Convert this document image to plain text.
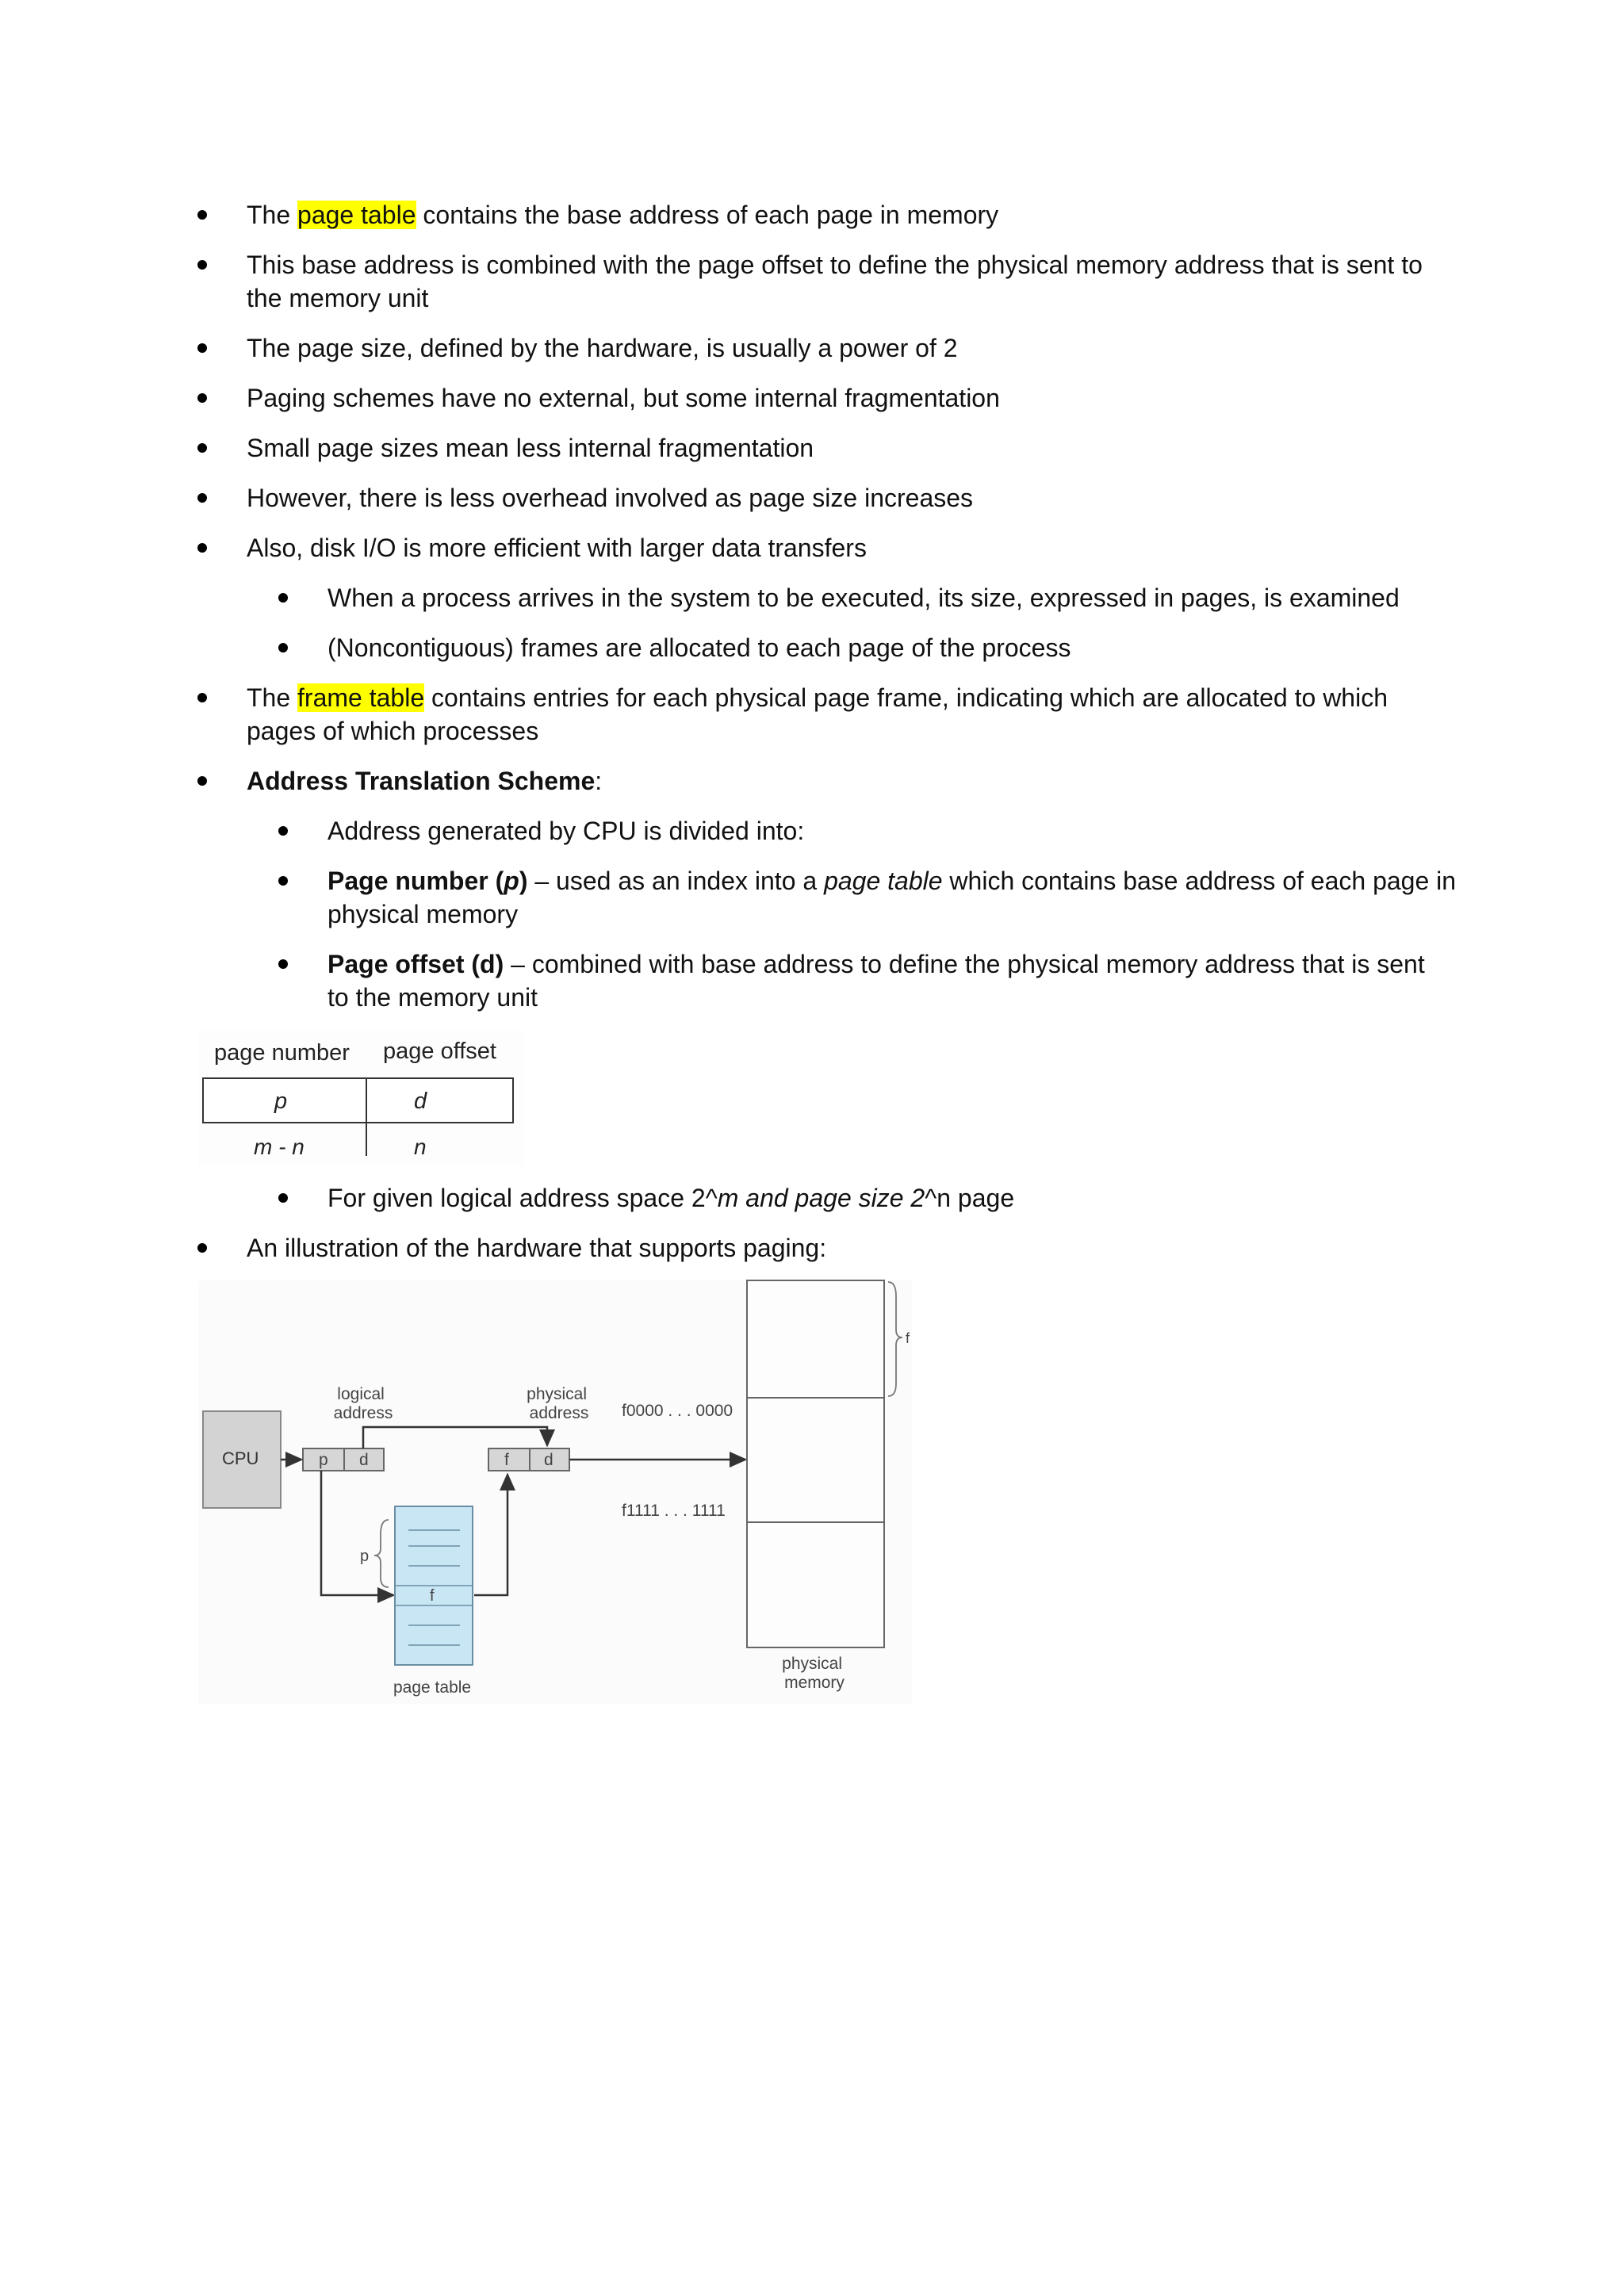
The page table contains the base address of each page in memory
This base address is combined with the page offset to define the physical memory address that is sent to
the memory unit
The page size, defined by the hardware, is usually a power of 2
Paging schemes have no external, but some internal fragmentation
Small page sizes mean less internal fragmentation
However, there is less overhead involved as page size increases
Also, disk I/O is more efficient with larger data transfers
When a process arrives in the system to be executed, its size, expressed in pages, is examined
(Noncontiguous) frames are allocated to each page of the process
The frame table contains entries for each physical page frame, indicating which are allocated to which
pages of which processes
Address Translation Scheme:
Address generated by CPU is divided into:
Page number (p) – used as an index into a page table which contains base address of each page in
physical memory
Page offset (d) – combined with base address to define the physical memory address that is sent
to the memory unit
page number page offset
p	d
m - n	n
For given logical address space 2^m and page size 2^n page
An illustration of the hardware that supports paging:
CPU
logical address
p d
physical address
f d
f0000 . . . 0000
f1111 . . . 1111
f
page table
p
physical memory
f
